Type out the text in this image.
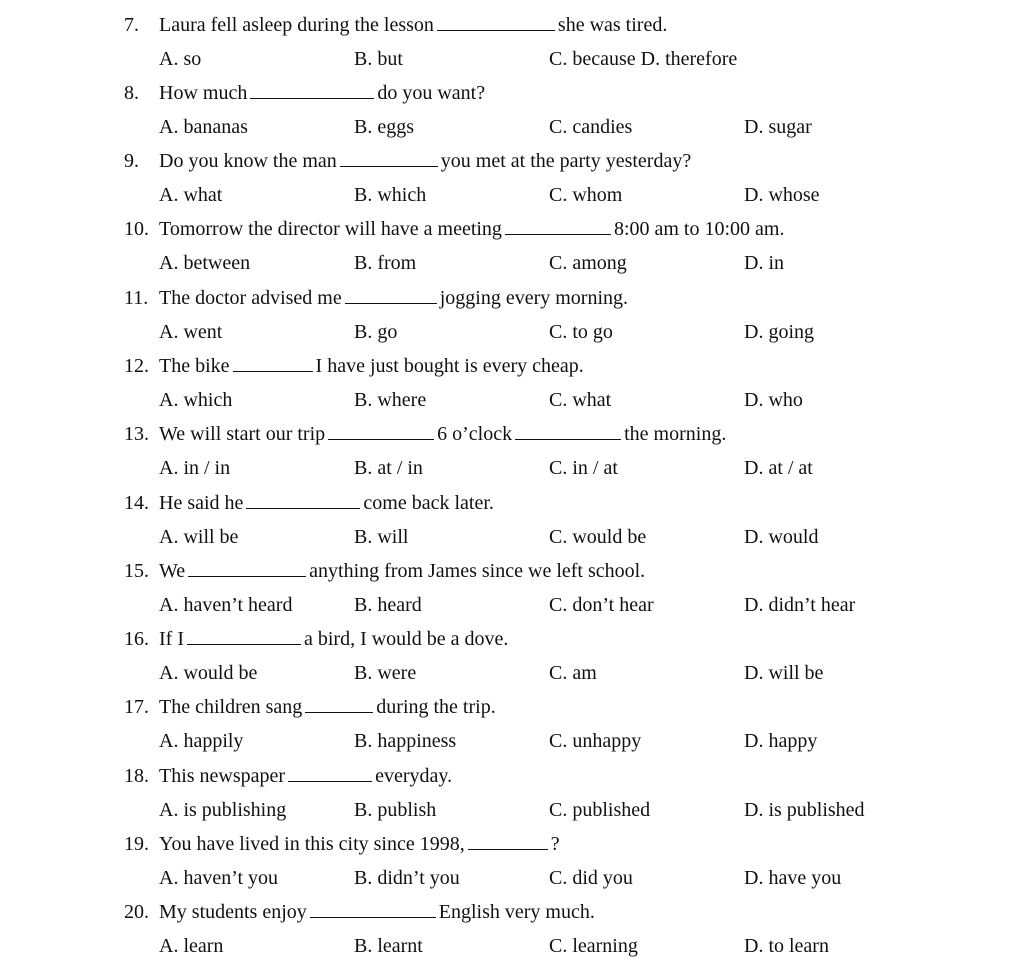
7. Laura fell asleep during the lesson	she was tired.
A. so	B. but	C. because D. therefore
8. How much	do you want?
A. bananas	B. eggs	C. candies	D. sugar
9. Do you know the man	you met at the party yesterday?
A. what	B. which	C. whom	D. whose
10. Tomorrow the director will have a meeting	8:00 am to 10:00 am.
A. between	B. from	C. among	D. in
11. The doctor advised me	jogging every morning.
A. went	B. go	C. to go	D. going
12. The bike	I have just bought is every cheap.
A. which	B. where	C. what	D. who
13. We will start our trip	6 o’clock	the morning.
A. in / in	B. at / in	C. in / at	D. at / at
14. He said he	come back later.
A. will be	B. will	C. would be	D. would
15. We	anything from James since we left school.
A. haven’t heard	B. heard	C. don’t hear	D. didn’t hear
16. If I	a bird, I would be a dove.
A. would be	B. were	C. am	D. will be
17. The children sang	during the trip.
A. happily	B. happiness	C. unhappy	D. happy
18. This newspaper	everyday.
A. is publishing	B. publish	C. published	D. is published
19. You have lived in this city since 1998,	?
A. haven’t you	B. didn’t you	C. did you	D. have you
20. My students enjoy	English very much.
A. learn	B. learnt	C. learning	D. to learn
